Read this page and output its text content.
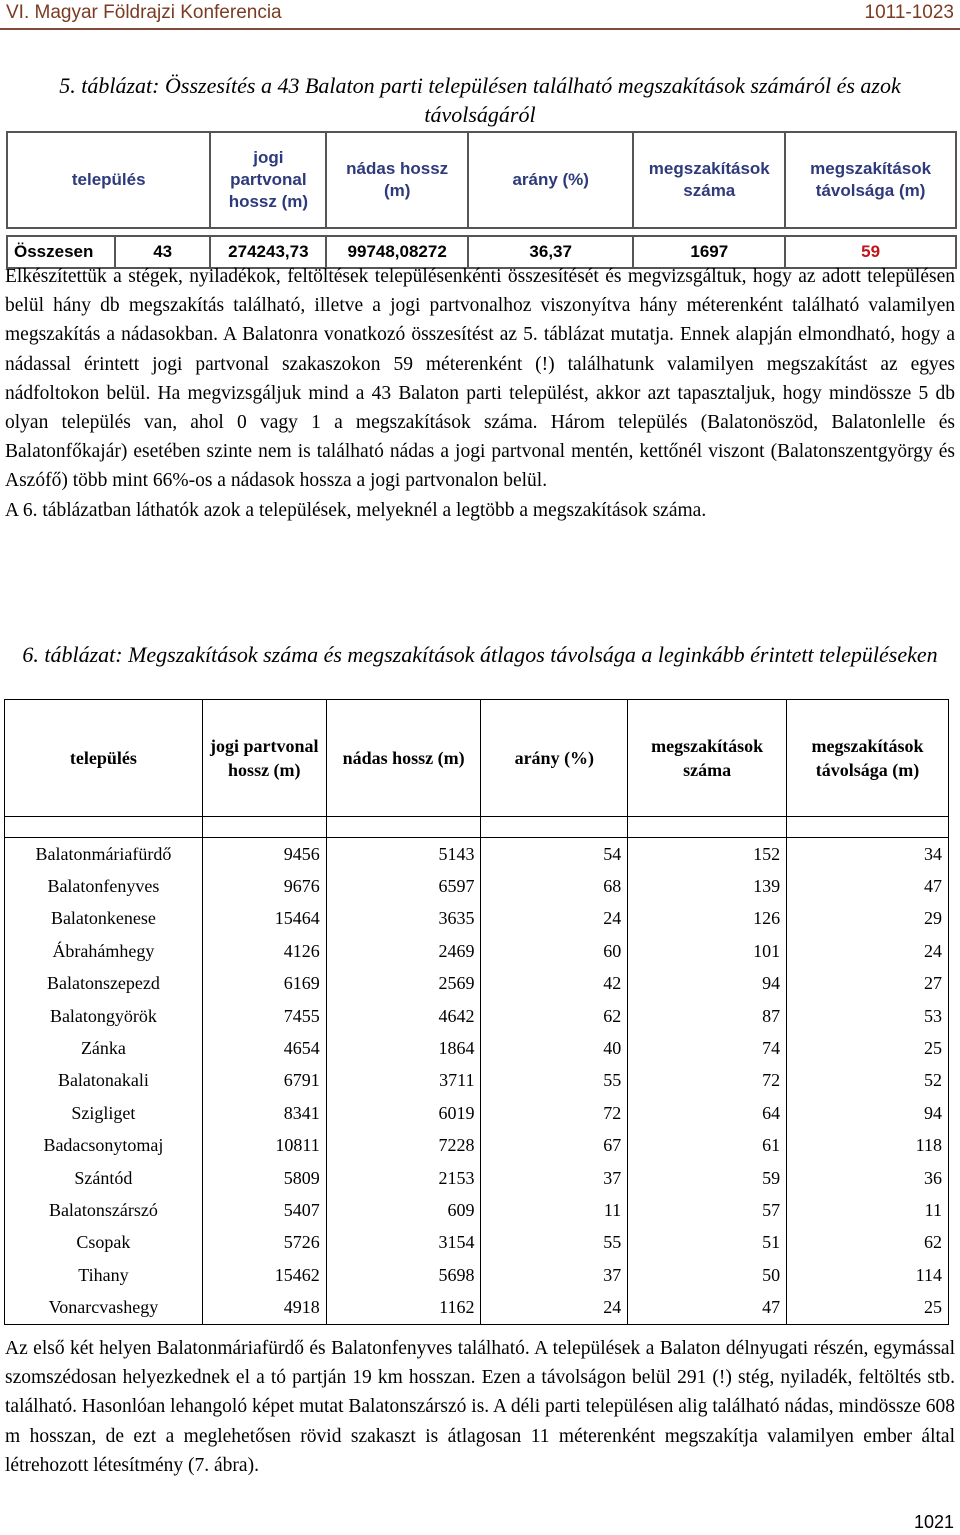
VI. Magyar Földrajzi Konferencia	1011-1023
5. táblázat: Összesítés a 43 Balaton parti településen található megszakítások számáról és azok távolságáról
település		jogi partvonal hossz (m)	nádas hossz (m)	arány (%)	megszakítások száma	megszakítások távolsága (m)

Összesen	43	274243,73	99748,08272	36,37	1697	59

Elkészítettük a stégek, nyiladékok, feltöltések településenkénti összesítését és megvizsgáltuk, hogy az adott településen belül hány db megszakítás található, illetve a jogi partvonalhoz viszonyítva hány méterenként található valamilyen megszakítás a nádasokban. A Balatonra vonatkozó összesítést az 5. táblázat mutatja. Ennek alapján elmondható, hogy a nádassal érintett jogi partvonal szakaszokon 59 méterenként (!) találhatunk valamilyen megszakítást az egyes nádfoltokon belül. Ha megvizsgáljuk mind a 43 Balaton parti települést, akkor azt tapasztaljuk, hogy mindössze 5 db olyan település van, ahol 0 vagy 1 a megszakítások száma. Három település (Balatonöszöd, Balatonlelle és Balatonfőkajár) esetében szinte nem is található nádas a jogi partvonal mentén, kettőnél viszont (Balatonszentgyörgy és Aszófő) több mint 66%-os a nádasok hossza a jogi partvonalon belül.

A 6. táblázatban láthatók azok a települések, melyeknél a legtöbb a megszakítások száma.

6. táblázat: Megszakítások száma és megszakítások átlagos távolsága a leginkább érintett településeken
település	jogi partvonal hossz (m)	nádas hossz (m)	arány (%)	megszakítások száma	megszakítások távolsága (m)

Balatonmáriafürdő	9456	5143	54	152	34
Balatonfenyves	9676	6597	68	139	47
Balatonkenese	15464	3635	24	126	29
Ábrahámhegy	4126	2469	60	101	24
Balatonszepezd	6169	2569	42	94	27
Balatongyörök	7455	4642	62	87	53
Zánka	4654	1864	40	74	25
Balatonakali	6791	3711	55	72	52
Szigliget	8341	6019	72	64	94
Badacsonytomaj	10811	7228	67	61	118
Szántód	5809	2153	37	59	36
Balatonszárszó	5407	609	11	57	11
Csopak	5726	3154	55	51	62
Tihany	15462	5698	37	50	114
Vonarcvashegy	4918	1162	24	47	25

Az első két helyen Balatonmáriafürdő és Balatonfenyves található. A települések a Balaton délnyugati részén, egymással szomszédosan helyezkednek el a tó partján 19 km hosszan. Ezen a távolságon belül 291 (!) stég, nyiladék, feltöltés stb. található. Hasonlóan lehangoló képet mutat Balatonszárszó is. A déli parti településen alig található nádas, mindössze 608 m hosszan, de ezt a meglehetősen rövid szakaszt is átlagosan 11 méterenként megszakítja valamilyen ember által létrehozott létesítmény (7. ábra).

1021
